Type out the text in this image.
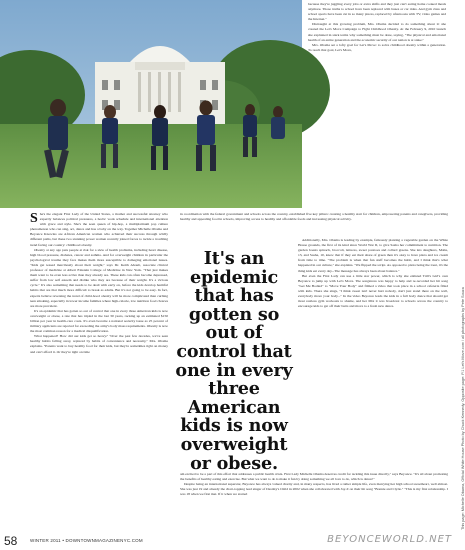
because they're juggling every jobs or extra shifts and they just can't eating home cooked meals anymore. Those truths to school have been replaced with buses or car rides. And gym class and school sports have been cut in so many places, replaced by afternoons with TV, video games and the Internet."

Distraught at this growing problem, Mrs. Obama decided to do something about it: she created the Let's Move Campaign to Fight Childhood Obesity. At the February 9, 2010 launch she explained in stark terms why something must be done, saying, "The physical and emotional health of an entire generation and the economic security of our nation is at stake."

Mrs. Obama set a lofty goal for Let's Move: to solve childhood obesity within a generation. To reach that goal, Let's Move,

She's the elegant First Lady of the United States, a mother and successful attorney who expertly balances political pressures, a hectic work schedule and international attention with grace and style. She's the seen queen of hip-hop, a multiplatinum pop culture phenomenon who can sing, act, dance and has a baby on the way. Together Michelle Obama and Beyonce Knowles are African American women who achieved their success through wildly different paths, but these two stunning power women recently joined forces to tackle a troubling trend facing our country: childhood obesity.

Obesity at any age puts people at risk for a slew of health problems, including heart disease, high blood pressure, diabetes, cancer and asthma. And for overweight children in particular the psychological trauma they face makes them more susceptible to damaging emotional issues. "Kids get teased mercilessly about their weight," says Dr. Keith Ahoult, associate clinical professor of medicine at Albert Einstein College of Medicine in New York. "That just makes them want to be even less active than they already are. These kids can often become depressed, suffer from low self esteem and dislike who they are because of their weight. It's a vicious cycle." It's also something that needs to be dealt with early on, before the kids develop harmful habits that are that much more difficult to break as adults. But it's not going to be easy. In fact, experts believe reversing the trend of child-hood obesity will be more complicated than curbing teen smoking, especially in lower income families where high-calorie, low nutrition food choices are more prevalent.

It's an epidemic that has gotten so out of control that one in every three American kids is now overweight or obese, a rate that has tripled in the last 30 years, racking up an estimated $150 billion per year in health-care costs. It's even become a national security issue as 25 percent of military applicants are rejected for exceeding the army's body mass requirements. Obesity is now the most common reason for a medical disqualification.

What happened? How did our kids get so heavy? "Over the past few decades, we've seen healthy habits falling away, replaced by habits of convenience and necessity," Mrs. Obama explains. "Parents want to buy healthy food for their kids, but they're sometimes tight on money and can't afford it. Or they're tight on time

in coordination with the federal government and schools across the country, established five key pillars: creating a healthy start for children, empowering parents and caregivers, providing healthy and appealing food in schools, improving access to healthy and affordable foods and increasing physical activity.

Additionally, Mrs. Obama is leading by example, famously planting a vegetable garden on the White House grounds, the first of its kind since World War II, to give Sasha her commitment to nutrition. The garden boasts spinach, broccoli, lettuces, sweet potatoes and collard greens. She lets daughters, Malia, 13, and Sasha, 10, know that if they eat their share of green then it's okay to have pizza and ice cream from time to time. "The problem is when that fun stuff becomes the habit, and I think that's what happened in our culture," she explains. "We flipped the script. As opposed to pizza being the treat, it's the thing kids eat every day...The message has always been about balance."

But even the First Lady can use a little star power, which is why she enlisted Trill's Girl's own Beyonce to jump up with Let's Move. The songstress was happy to help and re-recorded her hit song "Get Me Bodied" to "Move Your Body" and filmed a video that took place in a school cafeteria filled with kids. There she sings, "I think sweet isn't never hurt nobody, don't just stand there on the wall, everybody move your body..." In the video Beyonce leads the kids in a full body dance that should get most restless gym workouts to shame, and her Mix it was broadcast to schools across the country to encourage kids to get off their butts and move to a fresh new dance.

It's an epidemic that has gotten so out of control that one in every three American kids is now overweight or obese.

am excited to be a part of this effort that addresses a public health crisis. First Lady Michelle Obama deserves credit for tackling this issue directly," says Beyonce. "It's all about promoting the benefits of healthy eating and exercise. But what we want to do is make it fun by doing something we all love to do, which is dance!"

Despite being an international superstar, Beyonce has always valued charity and, in many respects, has lived a rather simple life, even marrying her high school sweetheart, well almost. She was just 19 and already the chart-topping lead singer of Destiny's Child in 2002 when she collaborated with Jay-Z on their hit song "Bonnie and Clyde." "This is my first relationship. I was 18 when we first met. If it when we started

58	WINTER 2011 • DOWNTOWNMAGAZINENYC.COM	BEYONCEWORLD.NET
This page: Michelle Obama, Official White House Photo by Chuck Kennedy. Opposite page: P.1 Let's Move.com / all photographs by Pete Souza
